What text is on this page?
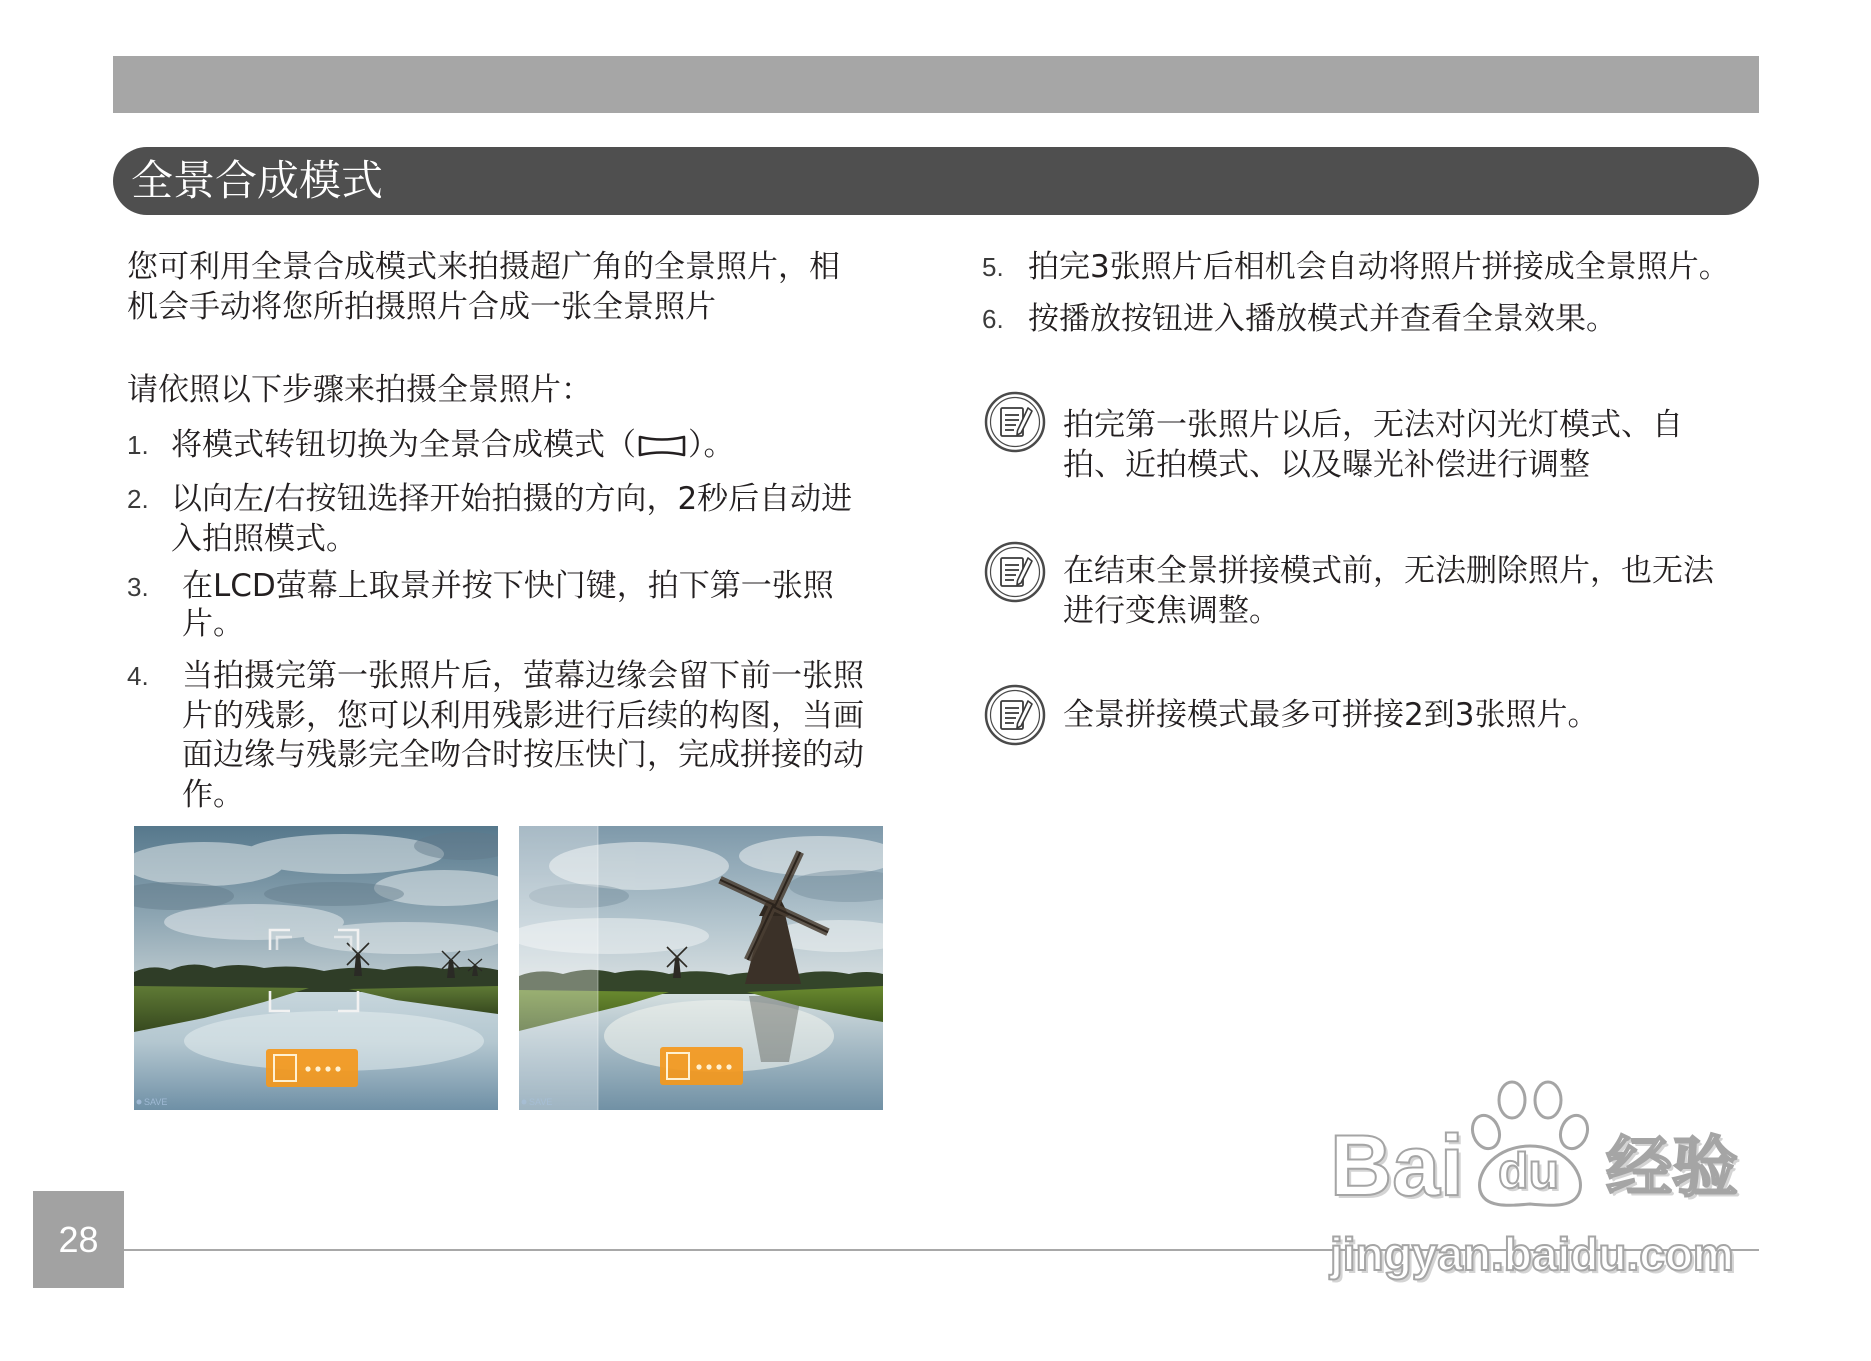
全景合成模式
您可利用全景合成模式来拍摄超广角的全景照片，相
机会手动将您所拍摄照片合成一张全景照片
请依照以下步骤来拍摄全景照片：
1. 将模式转钮切换为全景合成模式（ ）。
2. 以向左/右按钮选择开始拍摄的方向，2秒后自动进
入拍照模式。
3. 在LCD萤幕上取景并按下快门键，拍下第一张照
片。
4. 当拍摄完第一张照片后，萤幕边缘会留下前一张照
片的残影，您可以利用残影进行后续的构图，当画
面边缘与残影完全吻合时按压快门，完成拼接的动
作。
SAVE	SAVE
5. 拍完3张照片后相机会自动将照片拼接成全景照片。
6. 按播放按钮进入播放模式并查看全景效果。
拍完第一张照片以后，无法对闪光灯模式、自
拍、近拍模式、以及曝光补偿进行调整
在结束全景拼接模式前，无法删除照片，也无法
进行变焦调整。
全景拼接模式最多可拼接2到3张照片。
28
Bai du 经验
jingyan.baidu.com
